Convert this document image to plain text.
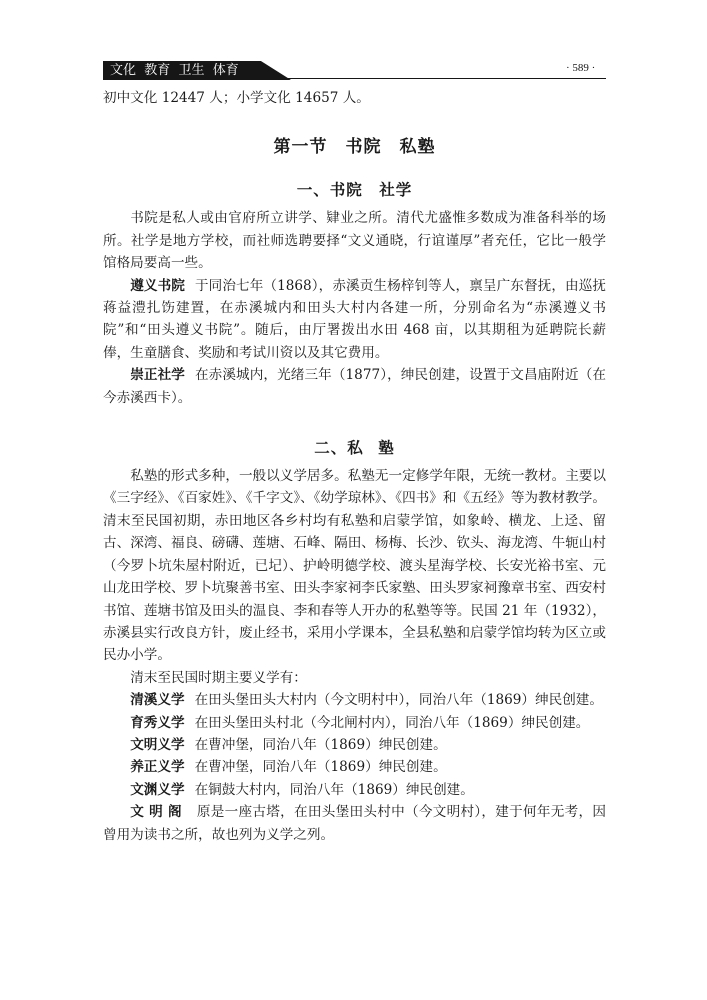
文化  教育  卫生  体育	· 589 ·

初中文化 12447 人；小学文化 14657 人。

第一节　书院　私塾
一、书院　社学

书院是私人或由官府所立讲学、肄业之所。清代尤盛惟多数成为准备科举的场所。社学是地方学校，而社师选聘要择“文义通晓，行谊谨厚”者充任，它比一般学馆格局要高一些。

遵义书院 于同治七年（1868），赤溪贡生杨梓钊等人，禀呈广东督抚，由巡抚蒋益澧扎饬建置，在赤溪城内和田头大村内各建一所，分别命名为“赤溪遵义书院”和“田头遵义书院”。随后，由厅署拨出水田 468 亩，以其期租为延聘院长薪俸，生童膳食、奖励和考试川资以及其它费用。

崇正社学 在赤溪城内，光绪三年（1877），绅民创建，设置于文昌庙附近（在今赤溪西卡）。

二、私 塾

私塾的形式多种，一般以义学居多。私塾无一定修学年限，无统一教材。主要以《三字经》、《百家姓》、《千字文》、《幼学琼林》、《四书》和《五经》等为教材教学。清末至民国初期，赤田地区各乡村均有私塾和启蒙学馆，如象岭、横龙、上迳、留古、深湾、福良、磅礴、莲塘、石峰、隔田、杨梅、长沙、钦头、海龙湾、牛轭山村（今罗卜坑朱屋村附近，已圮）、护岭明德学校、渡头星海学校、长安光裕书室、元山龙田学校、罗卜坑聚善书室、田头李家祠李氏家塾、田头罗家祠豫章书室、西安村书馆、莲塘书馆及田头的温良、李和春等人开办的私塾等等。民国 21 年（1932），赤溪县实行改良方针，废止经书，采用小学课本，全县私塾和启蒙学馆均转为区立或民办小学。

清末至民国时期主要义学有：

清溪义学 在田头堡田头大村内（今文明村中），同治八年（1869）绅民创建。

育秀义学 在田头堡田头村北（今北闸村内），同治八年（1869）绅民创建。

文明义学 在曹冲堡，同治八年（1869）绅民创建。

养正义学 在曹冲堡，同治八年（1869）绅民创建。

文渊义学 在铜鼓大村内，同治八年（1869）绅民创建。

文明阁 原是一座古塔，在田头堡田头村中（今文明村），建于何年无考，因曾用为读书之所，故也列为义学之列。
